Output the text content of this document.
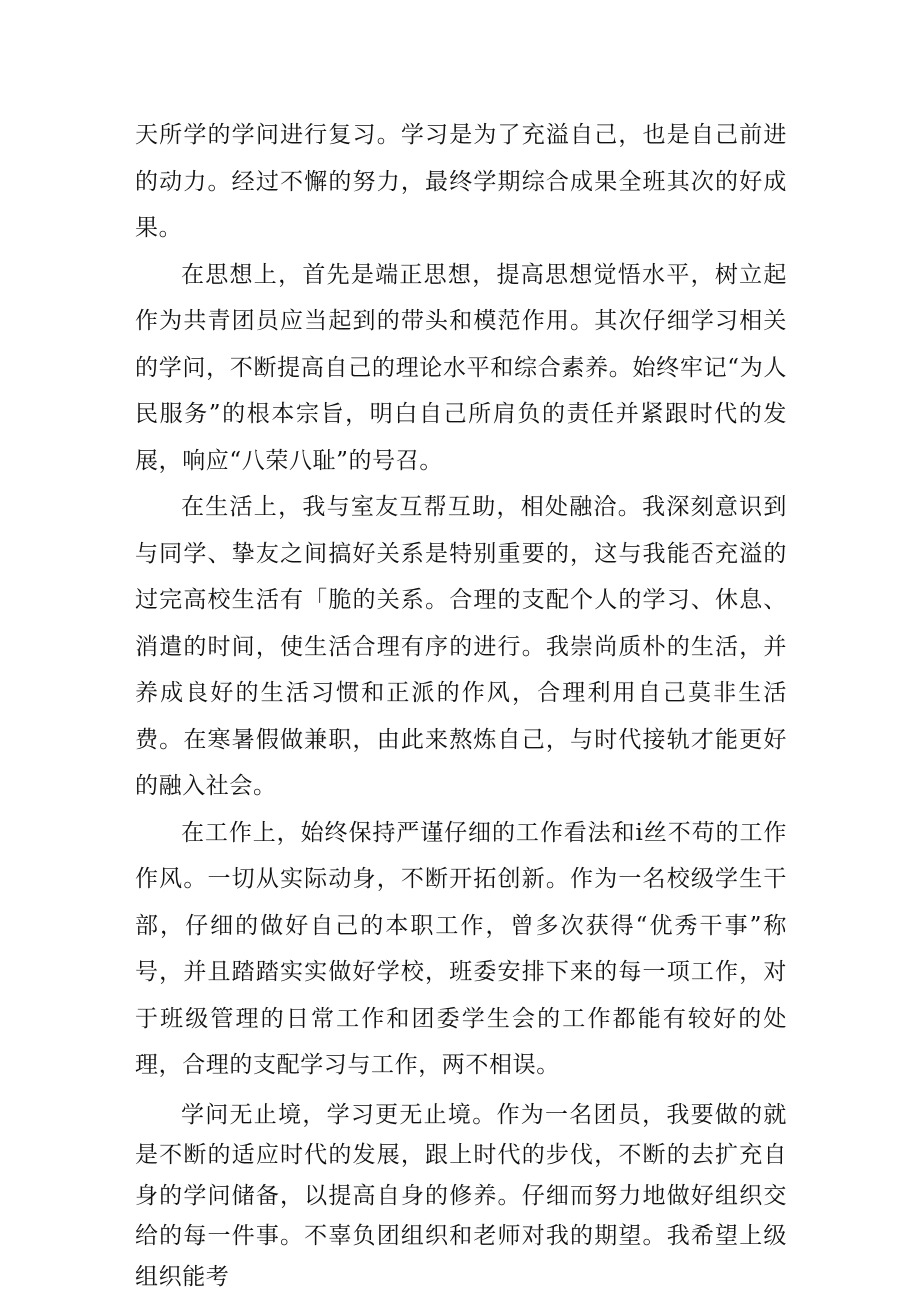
天所学的学问进行复习。学习是为了充溢自己，也是自己前进的动力。经过不懈的努力，最终学期综合成果全班其次的好成果。

在思想上，首先是端正思想，提高思想觉悟水平，树立起作为共青团员应当起到的带头和模范作用。其次仔细学习相关的学问，不断提高自己的理论水平和综合素养。始终牢记“为人民服务”的根本宗旨，明白自己所肩负的责任并紧跟时代的发展，响应“八荣八耻”的号召。

在生活上，我与室友互帮互助，相处融洽。我深刻意识到与同学、挚友之间搞好关系是特别重要的，这与我能否充溢的过完高校生活有「脆的关系。合理的支配个人的学习、休息、消遣的时间，使生活合理有序的进行。我崇尚质朴的生活，并养成良好的生活习惯和正派的作风，合理利用自己莫非生活费。在寒暑假做兼职，由此来熬炼自己，与时代接轨才能更好的融入社会。

在工作上，始终保持严谨仔细的工作看法和i丝不苟的工作作风。一切从实际动身，不断开拓创新。作为一名校级学生干部，仔细的做好自己的本职工作，曾多次获得“优秀干事”称号，并且踏踏实实做好学校，班委安排下来的每一项工作，对于班级管理的日常工作和团委学生会的工作都能有较好的处理，合理的支配学习与工作，两不相误。

学问无止境，学习更无止境。作为一名团员，我要做的就是不断的适应时代的发展，跟上时代的步伐，不断的去扩充自身的学问储备，以提高自身的修养。仔细而努力地做好组织交给的每一件事。不辜负团组织和老师对我的期望。我希望上级组织能考
